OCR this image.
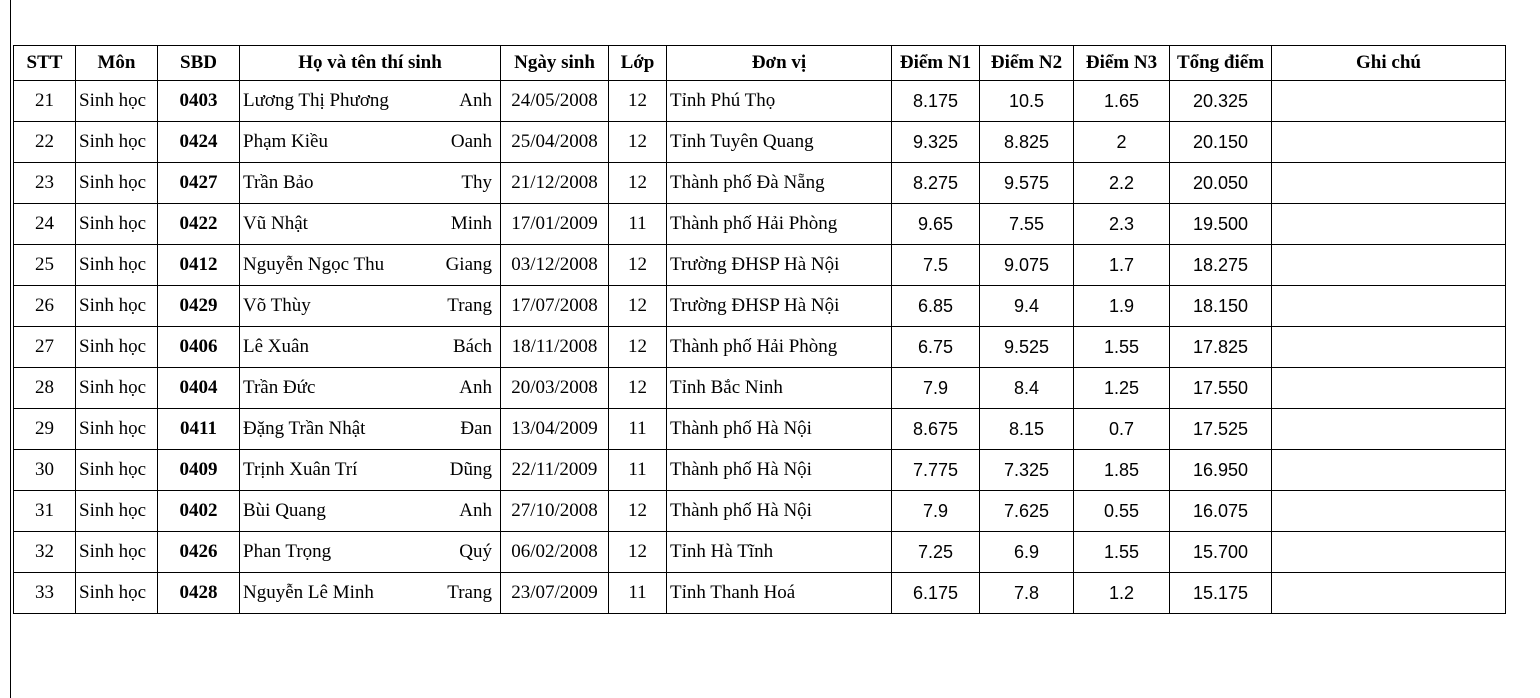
STT	Môn	SBD	Họ và tên thí sinh	Ngày sinh	Lớp	Đơn vị	Điểm N1	Điểm N2	Điểm N3	Tổng điểm	Ghi chú
21	Sinh học	0403	Lương Thị Phương Anh	24/05/2008	12	Tỉnh Phú Thọ	8.175	10.5	1.65	20.325	
22	Sinh học	0424	Phạm Kiều Oanh	25/04/2008	12	Tỉnh Tuyên Quang	9.325	8.825	2	20.150	
23	Sinh học	0427	Trần Bảo Thy	21/12/2008	12	Thành phố Đà Nẵng	8.275	9.575	2.2	20.050	
24	Sinh học	0422	Vũ Nhật Minh	17/01/2009	11	Thành phố Hải Phòng	9.65	7.55	2.3	19.500	
25	Sinh học	0412	Nguyễn Ngọc Thu Giang	03/12/2008	12	Trường ĐHSP Hà Nội	7.5	9.075	1.7	18.275	
26	Sinh học	0429	Võ Thùy Trang	17/07/2008	12	Trường ĐHSP Hà Nội	6.85	9.4	1.9	18.150	
27	Sinh học	0406	Lê Xuân Bách	18/11/2008	12	Thành phố Hải Phòng	6.75	9.525	1.55	17.825	
28	Sinh học	0404	Trần Đức Anh	20/03/2008	12	Tỉnh Bắc Ninh	7.9	8.4	1.25	17.550	
29	Sinh học	0411	Đặng Trần Nhật Đan	13/04/2009	11	Thành phố Hà Nội	8.675	8.15	0.7	17.525	
30	Sinh học	0409	Trịnh Xuân Trí Dũng	22/11/2009	11	Thành phố Hà Nội	7.775	7.325	1.85	16.950	
31	Sinh học	0402	Bùi Quang Anh	27/10/2008	12	Thành phố Hà Nội	7.9	7.625	0.55	16.075	
32	Sinh học	0426	Phan Trọng Quý	06/02/2008	12	Tỉnh Hà Tĩnh	7.25	6.9	1.55	15.700	
33	Sinh học	0428	Nguyễn Lê Minh Trang	23/07/2009	11	Tỉnh Thanh Hoá	6.175	7.8	1.2	15.175	
